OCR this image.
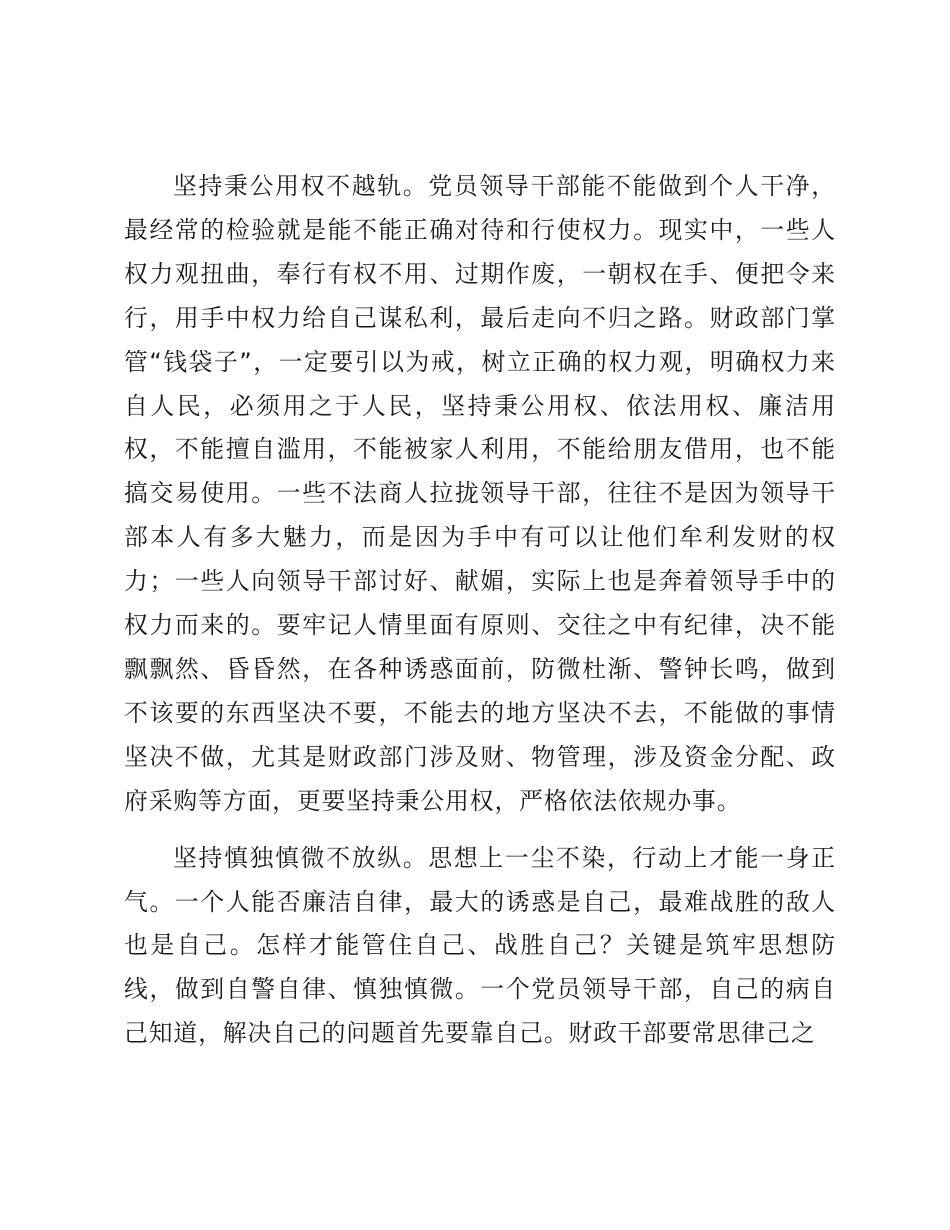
坚持秉公用权不越轨。党员领导干部能不能做到个人干净，最经常的检验就是能不能正确对待和行使权力。现实中，一些人权力观扭曲，奉行有权不用、过期作废，一朝权在手、便把令来行，用手中权力给自己谋私利，最后走向不归之路。财政部门掌管“钱袋子”，一定要引以为戒，树立正确的权力观，明确权力来自人民，必须用之于人民，坚持秉公用权、依法用权、廉洁用权，不能擅自滥用，不能被家人利用，不能给朋友借用，也不能搞交易使用。一些不法商人拉拢领导干部，往往不是因为领导干部本人有多大魅力，而是因为手中有可以让他们牟利发财的权力；一些人向领导干部讨好、献媚，实际上也是奔着领导手中的权力而来的。要牢记人情里面有原则、交往之中有纪律，决不能飘飘然、昏昏然，在各种诱惑面前，防微杜渐、警钟长鸣，做到不该要的东西坚决不要，不能去的地方坚决不去，不能做的事情坚决不做，尤其是财政部门涉及财、物管理，涉及资金分配、政府采购等方面，更要坚持秉公用权，严格依法依规办事。

坚持慎独慎微不放纵。思想上一尘不染，行动上才能一身正气。一个人能否廉洁自律，最大的诱惑是自己，最难战胜的敌人也是自己。怎样才能管住自己、战胜自己？关键是筑牢思想防线，做到自警自律、慎独慎微。一个党员领导干部，自己的病自己知道，解决自己的问题首先要靠自己。财政干部要常思律己之
